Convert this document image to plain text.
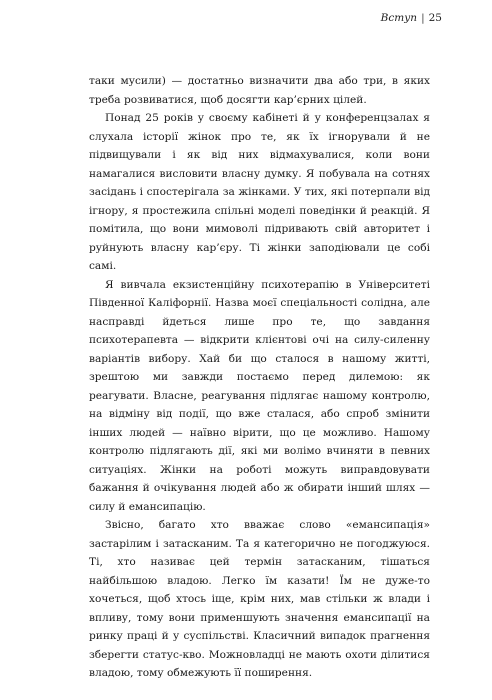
Вступ | 25

таки мусили) — достатньо визначити два або три, в яких треба розвиватися, щоб досягти кар’єрних цілей.

Понад 25 років у своєму кабінеті й у конференцзалах я слухала історії жінок про те, як їх ігнорували й не підвищували і як від них відмахувалися, коли вони намагалися висловити власну думку. Я побувала на сотнях засідань і спостерігала за жінками. У тих, які потерпали від ігнору, я простежила спільні моделі поведінки й реакцій. Я помітила, що вони мимоволі підривають свій авторитет і руйнують власну кар’єру. Ті жінки заподіювали це собі самі.

Я вивчала екзистенційну психотерапію в Університеті Південної Каліфорнії. Назва моєї спеціальності солідна, але насправді йдеться лише про те, що завдання психотерапевта — відкрити клієнтові очі на силу-силенну варіантів вибору. Хай би що сталося в нашому житті, зрештою ми завжди постаємо перед дилемою: як реагувати. Власне, реагування підлягає нашому контролю, на відміну від події, що вже сталася, або спроб змінити інших людей — наївно вірити, що це можливо. Нашому контролю підлягають дії, які ми волімо вчиняти в певних ситуаціях. Жінки на роботі можуть виправдовувати бажання й очікування людей або ж обирати інший шлях — силу й емансипацію.

Звісно, багато хто вважає слово «емансипація» застарілим і затасканим. Та я категорично не погоджуюся. Ті, хто називає цей термін затасканим, тішаться найбільшою владою. Легко їм казати! Їм не дуже-то хочеться, щоб хтось іще, крім них, мав стільки ж влади і впливу, тому вони применшують значення емансипації на ринку праці й у суспільстві. Класичний випадок прагнення зберегти статус-кво. Можновладці не мають охоти ділитися владою, тому обмежують її поширення.
